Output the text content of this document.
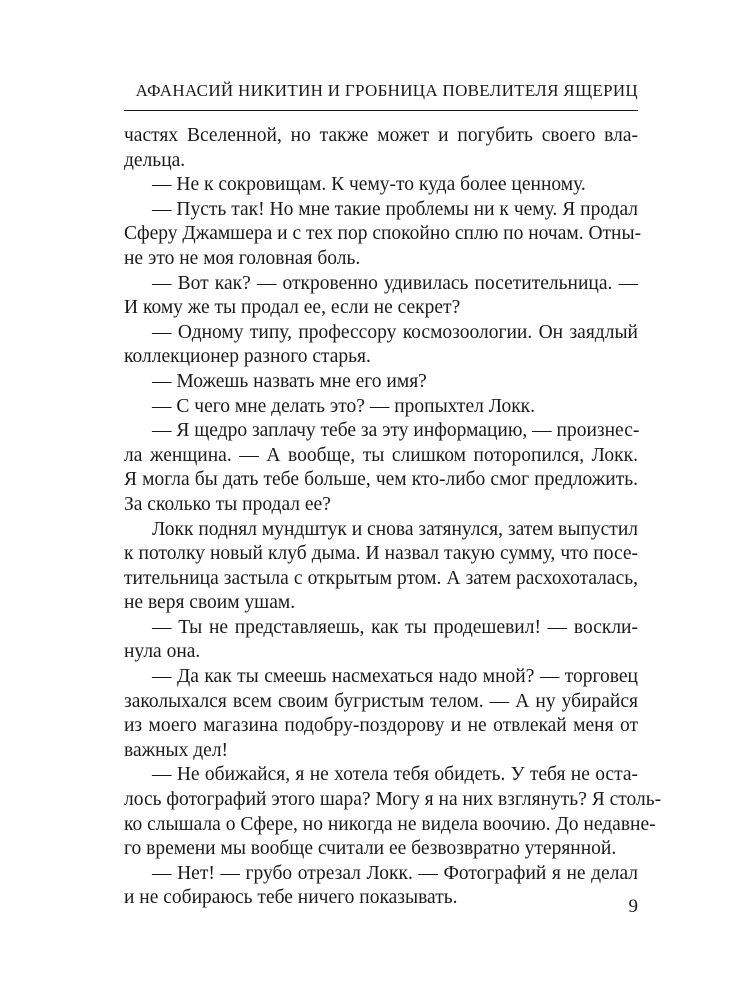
АФАНАСИЙ НИКИТИН И ГРОБНИЦА ПОВЕЛИТЕЛЯ ЯЩЕРИЦ
частях Вселенной, но также может и погубить своего вла-
дельца.
— Не к сокровищам. К чему-то куда более ценному.
— Пусть так! Но мне такие проблемы ни к чему. Я продал
Сферу Джамшера и с тех пор спокойно сплю по ночам. Отны-
не это не моя головная боль.
— Вот как? — откровенно удивилась посетительница. —
И кому же ты продал ее, если не секрет?
— Одному типу, профессору космозоологии. Он заядлый
коллекционер разного старья.
— Можешь назвать мне его имя?
— С чего мне делать это? — пропыхтел Локк.
— Я щедро заплачу тебе за эту информацию, — произнес-
ла женщина. — А вообще, ты слишком поторопился, Локк.
Я могла бы дать тебе больше, чем кто-либо смог предложить.
За сколько ты продал ее?
Локк поднял мундштук и снова затянулся, затем выпустил
к потолку новый клуб дыма. И назвал такую сумму, что посе-
тительница застыла с открытым ртом. А затем расхохоталась,
не веря своим ушам.
— Ты не представляешь, как ты продешевил! — воскли-
нула она.
— Да как ты смеешь насмехаться надо мной? — торговец
заколыхался всем своим бугристым телом. — А ну убирайся
из моего магазина подобру-поздорову и не отвлекай меня от
важных дел!
— Не обижайся, я не хотела тебя обидеть. У тебя не оста-
лось фотографий этого шара? Могу я на них взглянуть? Я столь-
ко слышала о Сфере, но никогда не видела воочию. До недавне-
го времени мы вообще считали ее безвозвратно утерянной.
— Нет! — грубо отрезал Локк. — Фотографий я не делал
и не собираюсь тебе ничего показывать.	9
